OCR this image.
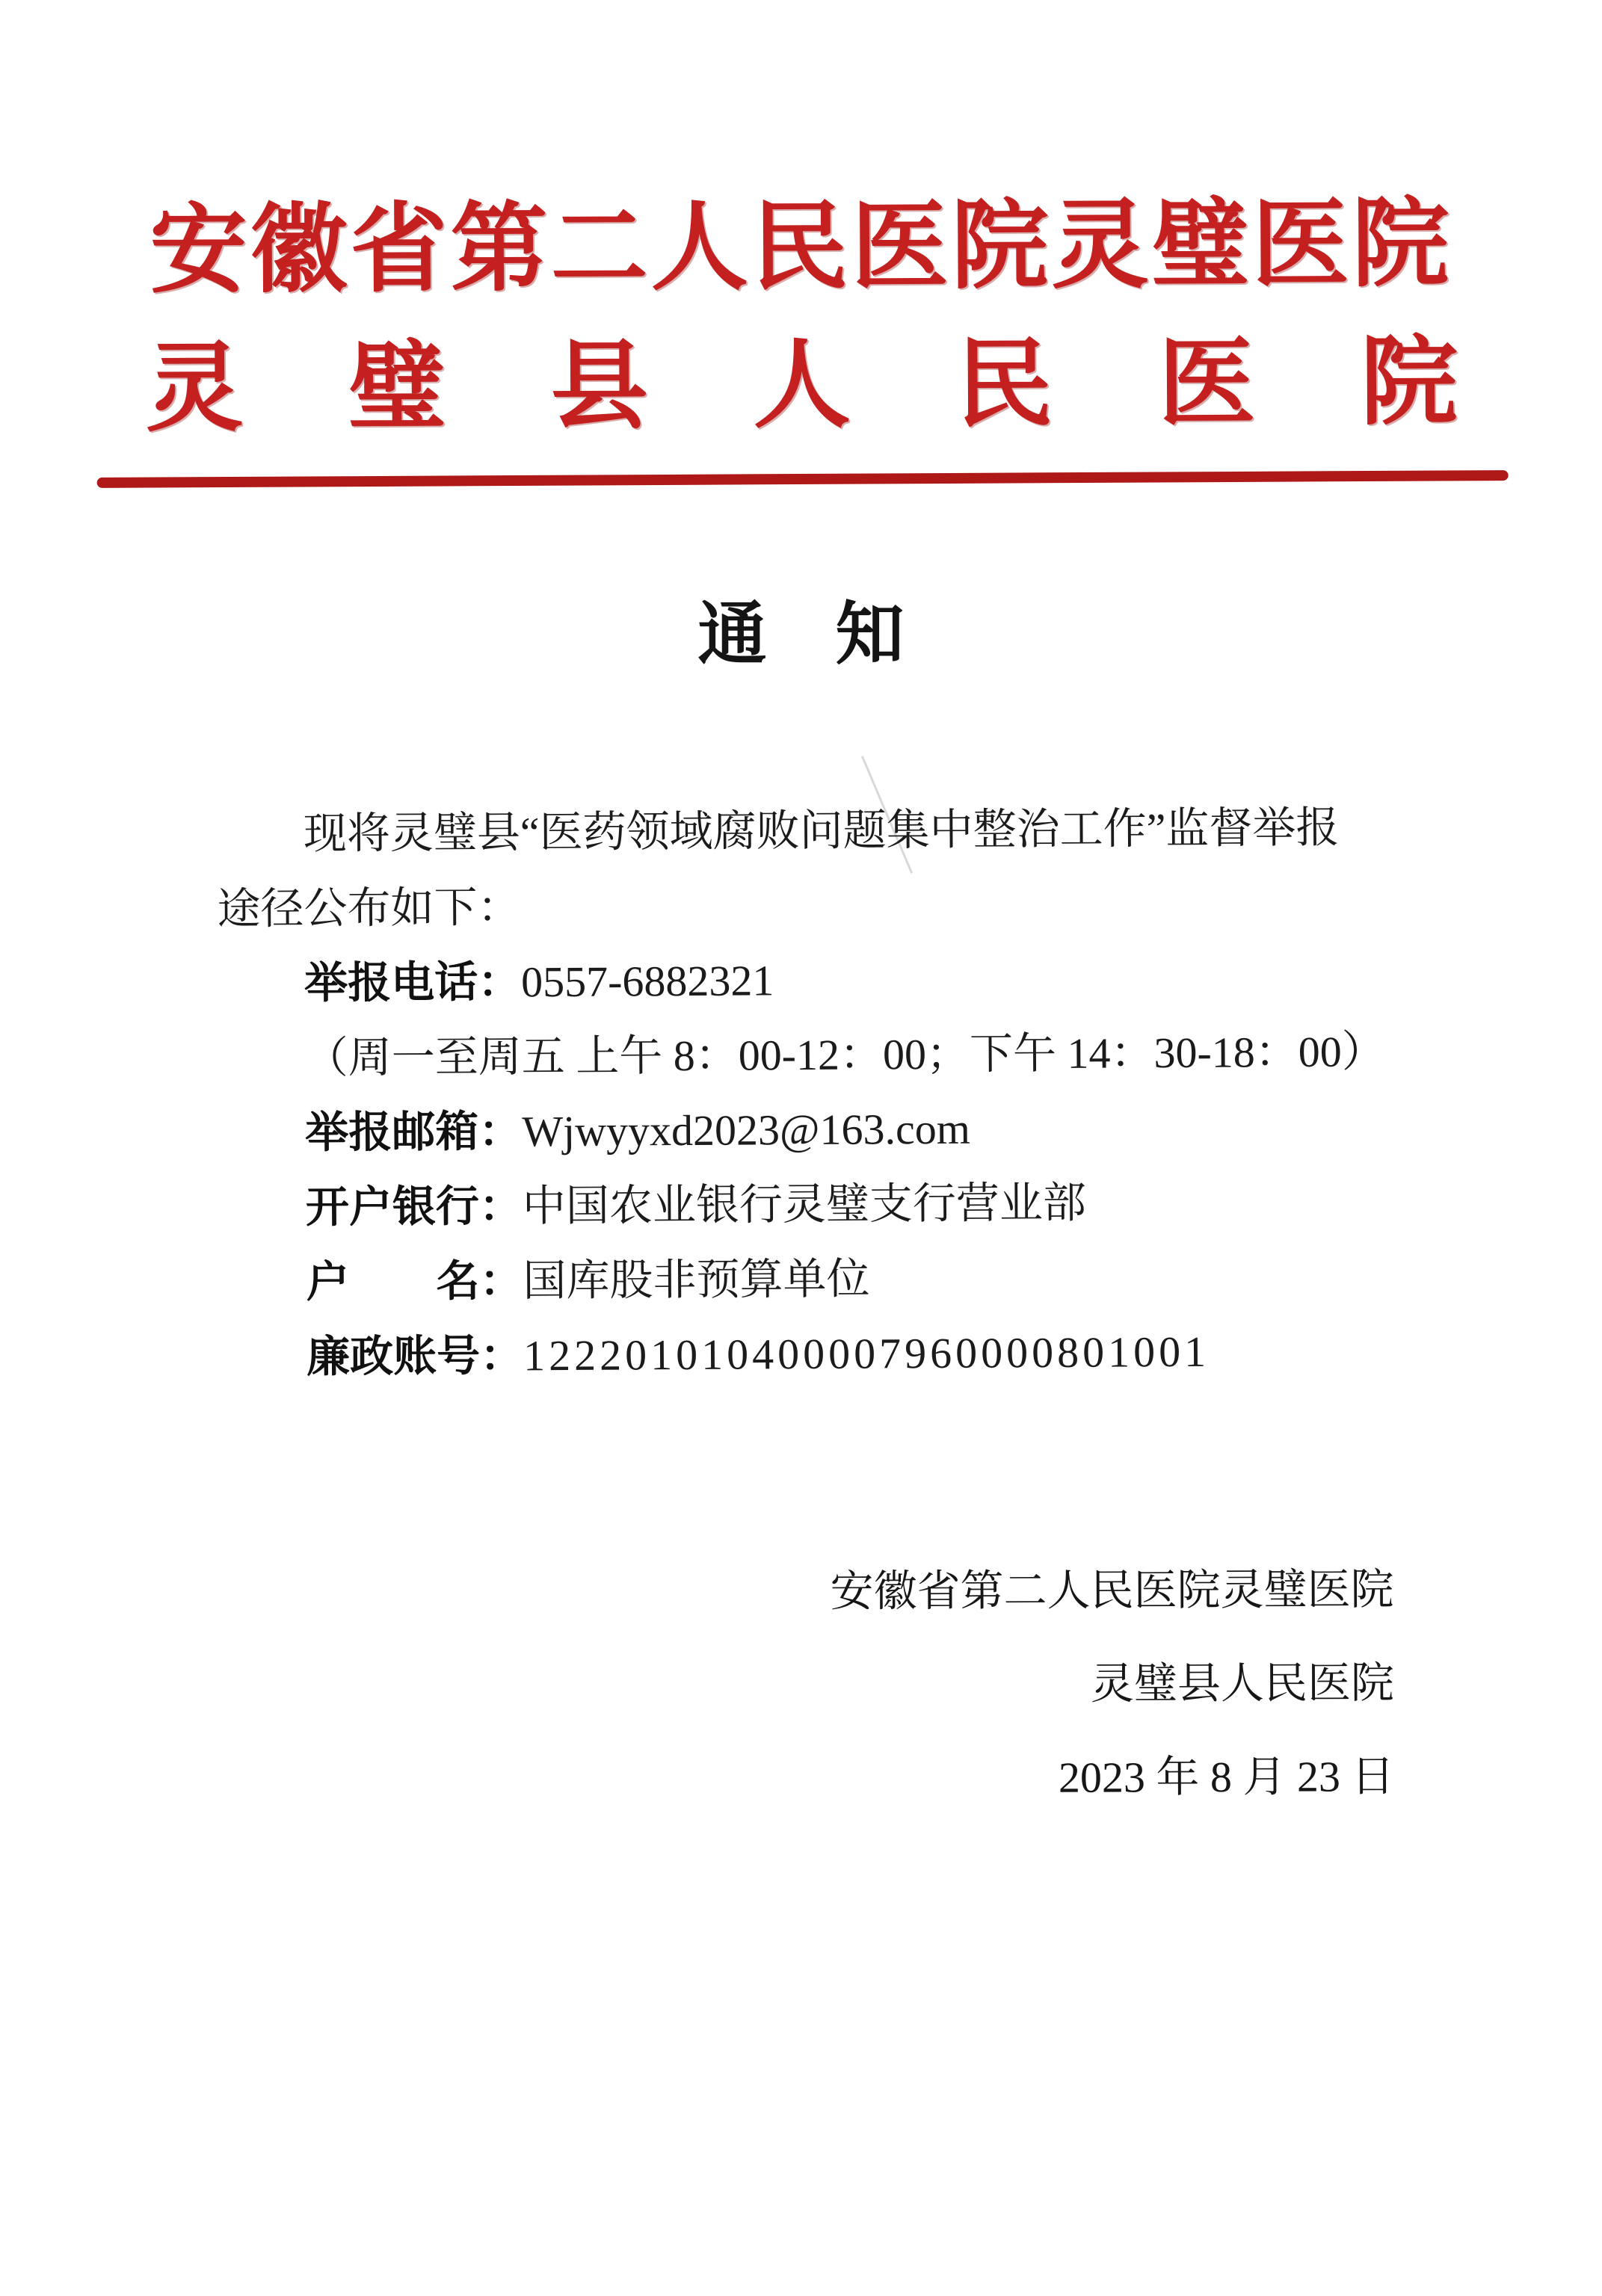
安徽省第二人民医院灵璧医院
灵 璧 县 人 民 医 院
通　知

现将灵璧县“医药领域腐败问题集中整治工作”监督举报

途径公布如下：

举报电话：0557-6882321
（周一至周五 上午 8：00-12：00；下午 14：30-18：00）
举报邮箱：Wjwyyxd2023@163.com
开户银行：中国农业银行灵璧支行营业部
户　　名：国库股非预算单位
廉政账号：122201010400007960000801001

安徽省第二人民医院灵璧医院

灵璧县人民医院

2023 年 8 月 23 日
